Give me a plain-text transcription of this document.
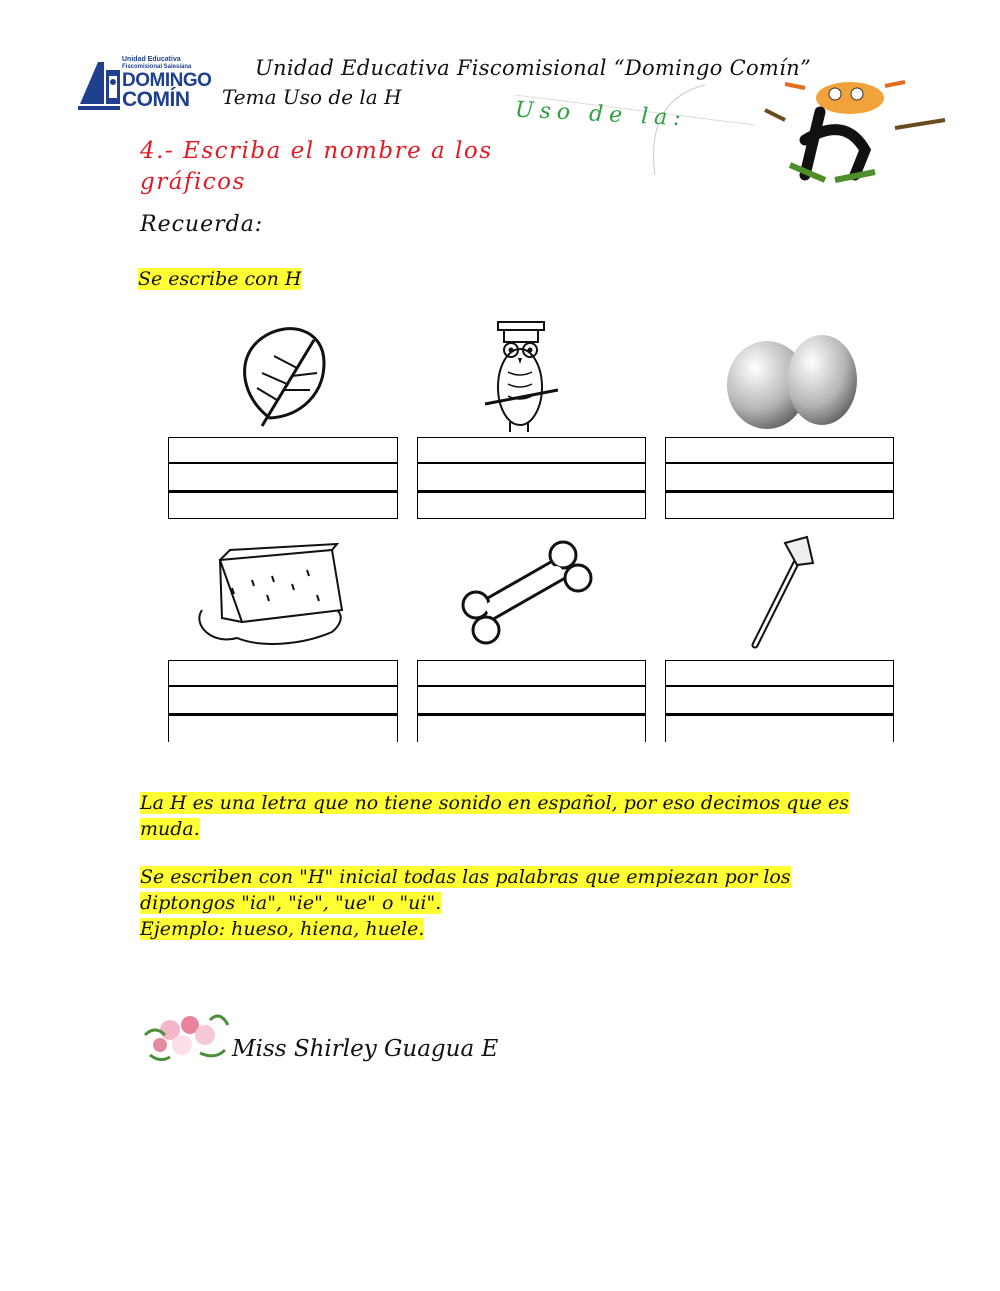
Unidad Educativa
Fiscomisional Salesiana
DOMINGO
COMÍN
Unidad Educativa Fiscomisional “Domingo Comín”
Tema Uso de la H
Uso de la:
4.- Escriba el nombre a los gráficos
Recuerda:
Se escribe con H
La H es una letra que no tiene sonido en español, por eso decimos que es muda.
Se escriben con "H" inicial todas las palabras que empiezan por los diptongos "ia", "ie", "ue" o "ui".
Ejemplo: hueso, hiena, huele.
Miss Shirley Guagua E
